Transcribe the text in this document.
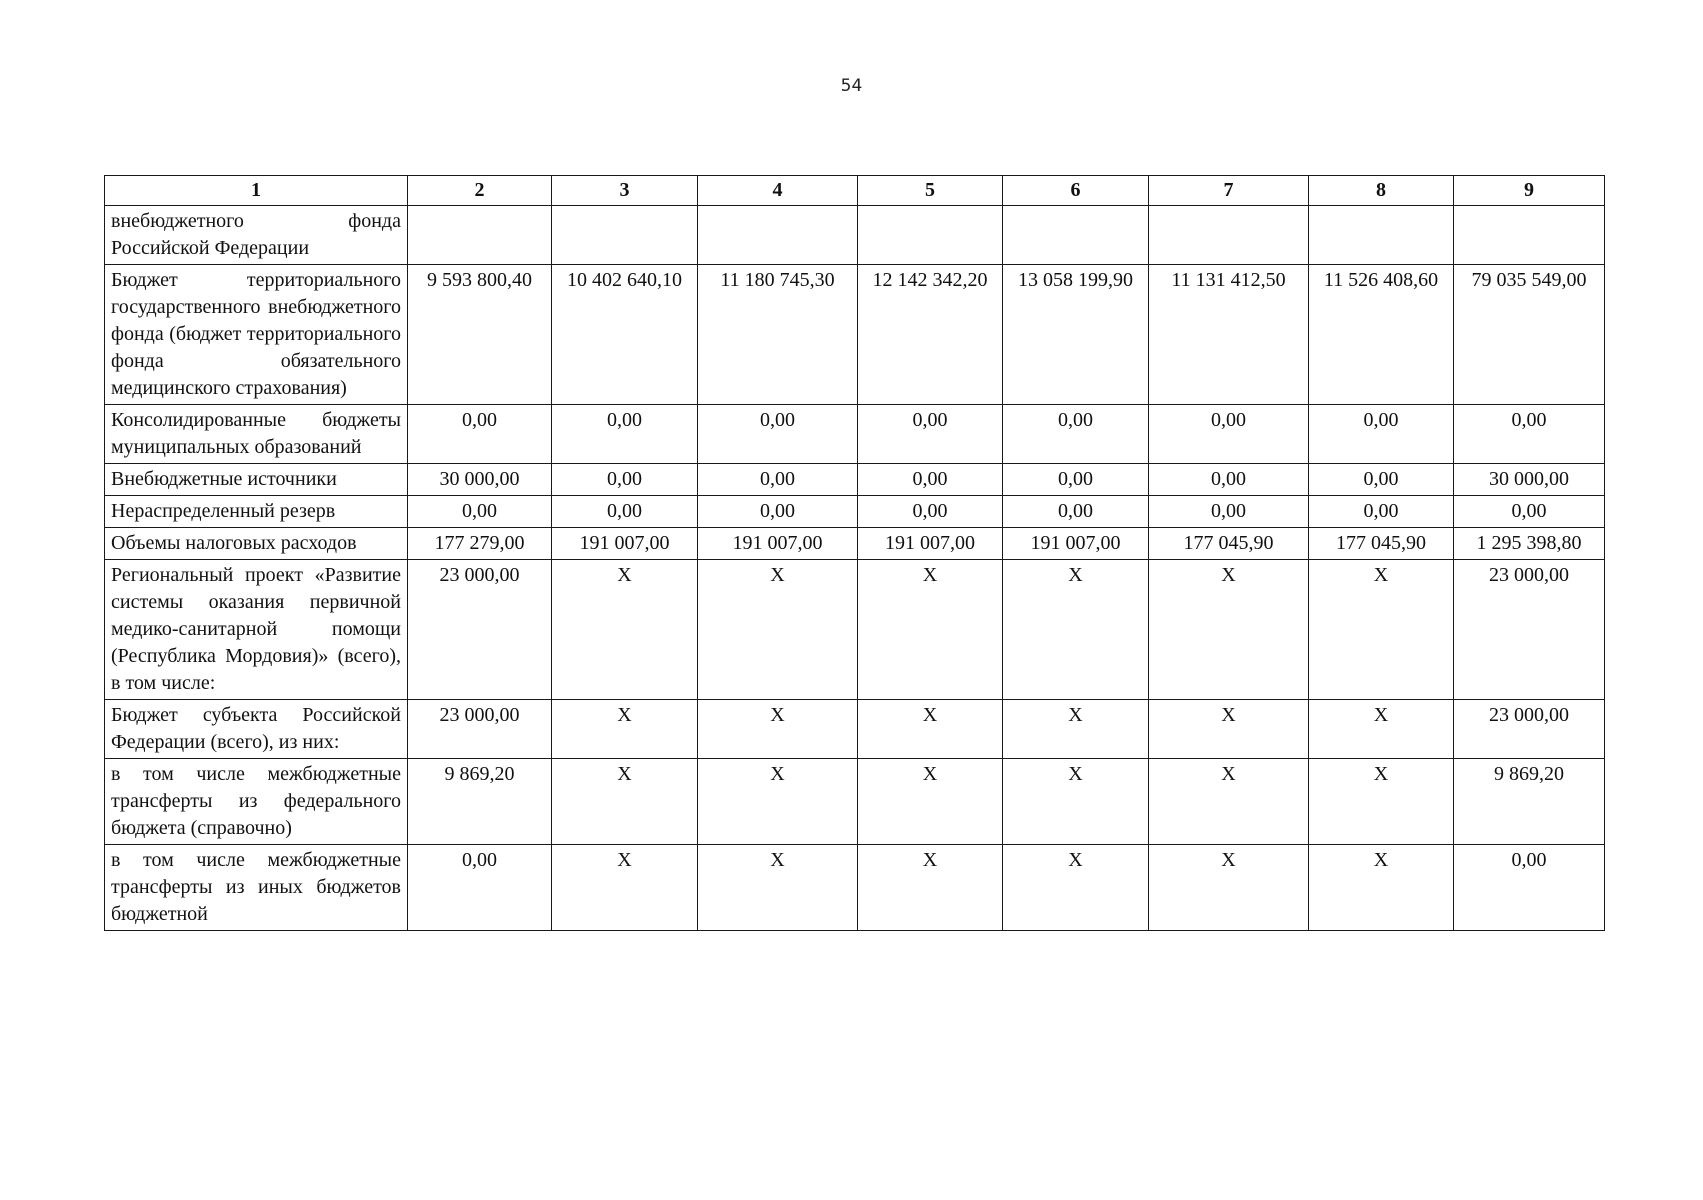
54
1	2	3	4	5	6	7	8	9
внебюджетного фонда Российской Федерации								
Бюджет территориального государственного внебюджетного фонда (бюджет территориального фонда обязательного медицинского страхования)	9 593 800,40	10 402 640,10	11 180 745,30	12 142 342,20	13 058 199,90	11 131 412,50	11 526 408,60	79 035 549,00
Консолидированные бюджеты муниципальных образований	0,00	0,00	0,00	0,00	0,00	0,00	0,00	0,00
Внебюджетные источники	30 000,00	0,00	0,00	0,00	0,00	0,00	0,00	30 000,00
Нераспределенный резерв	0,00	0,00	0,00	0,00	0,00	0,00	0,00	0,00
Объемы налоговых расходов	177 279,00	191 007,00	191 007,00	191 007,00	191 007,00	177 045,90	177 045,90	1 295 398,80
Региональный проект «Развитие системы оказания первичной медико-санитарной помощи (Республика Мордовия)» (всего), в том числе:	23 000,00	X	X	X	X	X	X	23 000,00
Бюджет субъекта Российской Федерации (всего), из них:	23 000,00	X	X	X	X	X	X	23 000,00
в том числе межбюджетные трансферты из федерального бюджета (справочно)	9 869,20	X	X	X	X	X	X	9 869,20
в том числе межбюджетные трансферты из иных бюджетов бюджетной	0,00	X	X	X	X	X	X	0,00
